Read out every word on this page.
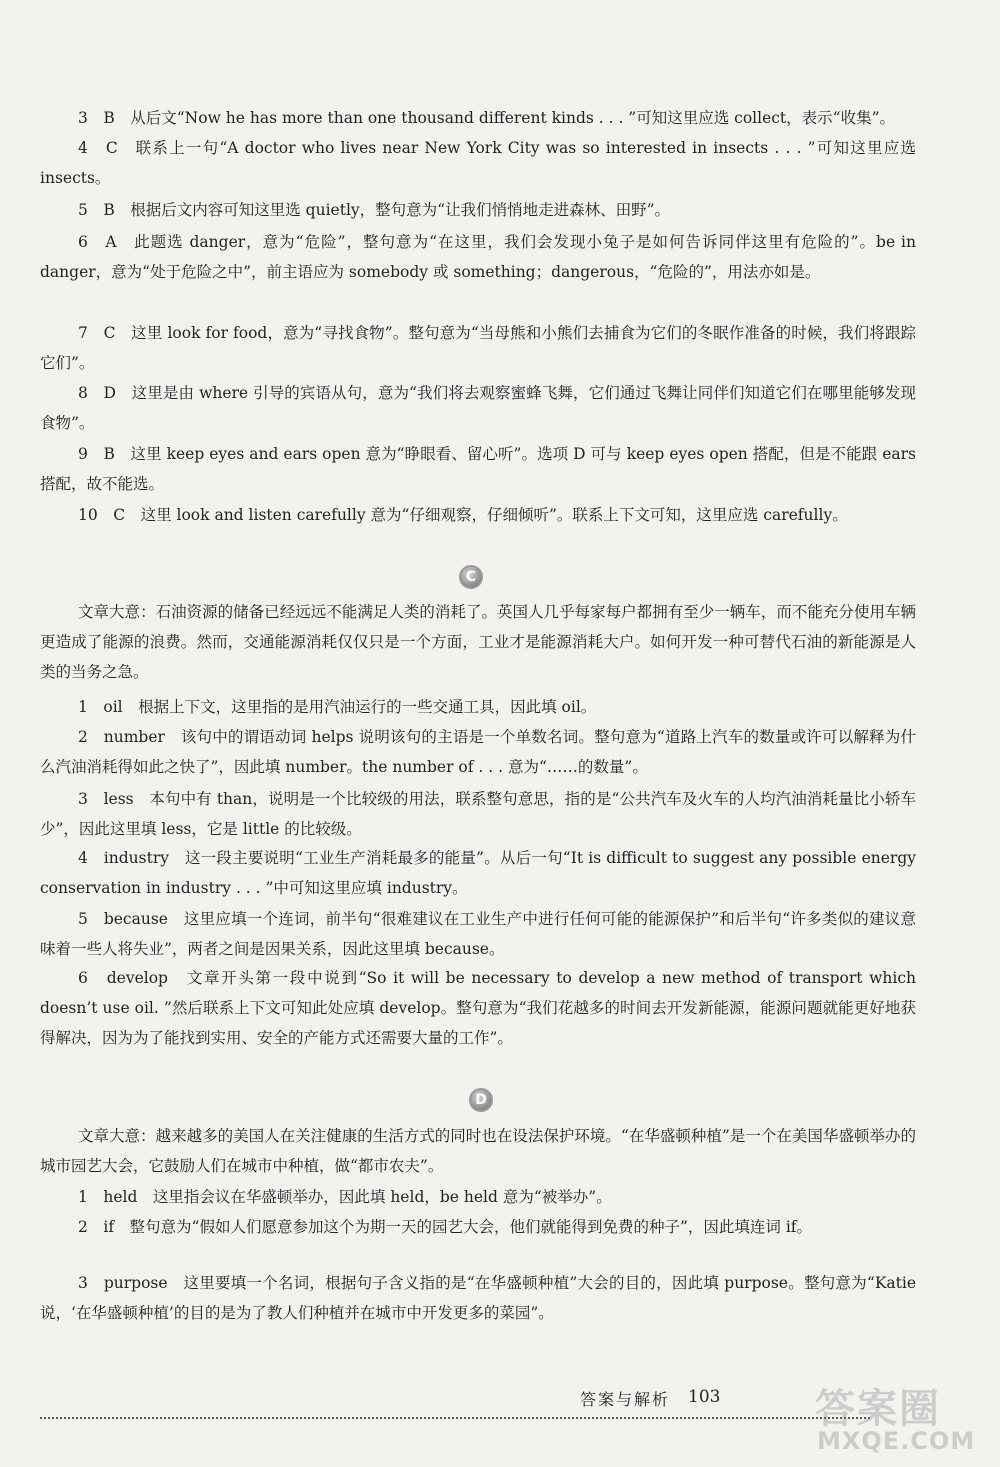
3　B　从后文“Now he has more than one thousand different kinds . . . ”可知这里应选 collect，表示“收集”。

4　C　联系上一句“A doctor who lives near New York City was so interested in insects . . . ”可知这里应选 insects。

5　B　根据后文内容可知这里选 quietly，整句意为“让我们悄悄地走进森林、田野”。

6　A　此题选 danger，意为“危险”，整句意为“在这里，我们会发现小兔子是如何告诉同伴这里有危险的”。be in danger，意为“处于危险之中”，前主语应为 somebody 或 something；dangerous，“危险的”，用法亦如是。

7　C　这里 look for food，意为“寻找食物”。整句意为“当母熊和小熊们去捕食为它们的冬眠作准备的时候，我们将跟踪它们”。

8　D　这里是由 where 引导的宾语从句，意为“我们将去观察蜜蜂飞舞，它们通过飞舞让同伴们知道它们在哪里能够发现食物”。

9　B　这里 keep eyes and ears open 意为“睁眼看、留心听”。选项 D 可与 keep eyes open 搭配，但是不能跟 ears 搭配，故不能选。

10　C　这里 look and listen carefully 意为“仔细观察，仔细倾听”。联系上下文可知，这里应选 carefully。

C

文章大意：石油资源的储备已经远远不能满足人类的消耗了。英国人几乎每家每户都拥有至少一辆车，而不能充分使用车辆更造成了能源的浪费。然而，交通能源消耗仅仅只是一个方面，工业才是能源消耗大户。如何开发一种可替代石油的新能源是人类的当务之急。

1　oil　根据上下文，这里指的是用汽油运行的一些交通工具，因此填 oil。

2　number　该句中的谓语动词 helps 说明该句的主语是一个单数名词。整句意为“道路上汽车的数量或许可以解释为什么汽油消耗得如此之快了”，因此填 number。the number of . . . 意为“……的数量”。

3　less　本句中有 than，说明是一个比较级的用法，联系整句意思，指的是“公共汽车及火车的人均汽油消耗量比小轿车少”，因此这里填 less，它是 little 的比较级。

4　industry　这一段主要说明“工业生产消耗最多的能量”。从后一句“It is difficult to suggest any possible energy conservation in industry . . . ”中可知这里应填 industry。

5　because　这里应填一个连词，前半句“很难建议在工业生产中进行任何可能的能源保护”和后半句“许多类似的建议意味着一些人将失业”，两者之间是因果关系，因此这里填 because。

6　develop　文章开头第一段中说到“So it will be necessary to develop a new method of transport which doesn’t use oil. ”然后联系上下文可知此处应填 develop。整句意为“我们花越多的时间去开发新能源，能源问题就能更好地获得解决，因为为了能找到实用、安全的产能方式还需要大量的工作”。

D

文章大意：越来越多的美国人在关注健康的生活方式的同时也在设法保护环境。“在华盛顿种植”是一个在美国华盛顿举办的城市园艺大会，它鼓励人们在城市中种植，做“都市农夫”。

1　held　这里指会议在华盛顿举办，因此填 held，be held 意为“被举办”。

2　if　整句意为“假如人们愿意参加这个为期一天的园艺大会，他们就能得到免费的种子”，因此填连词 if。

3　purpose　这里要填一个名词，根据句子含义指的是“在华盛顿种植”大会的目的，因此填 purpose。整句意为“Katie 说，‘在华盛顿种植’的目的是为了教人们种植并在城市中开发更多的菜园”。

答案与解析 103 答案圈
MXQE.COM
